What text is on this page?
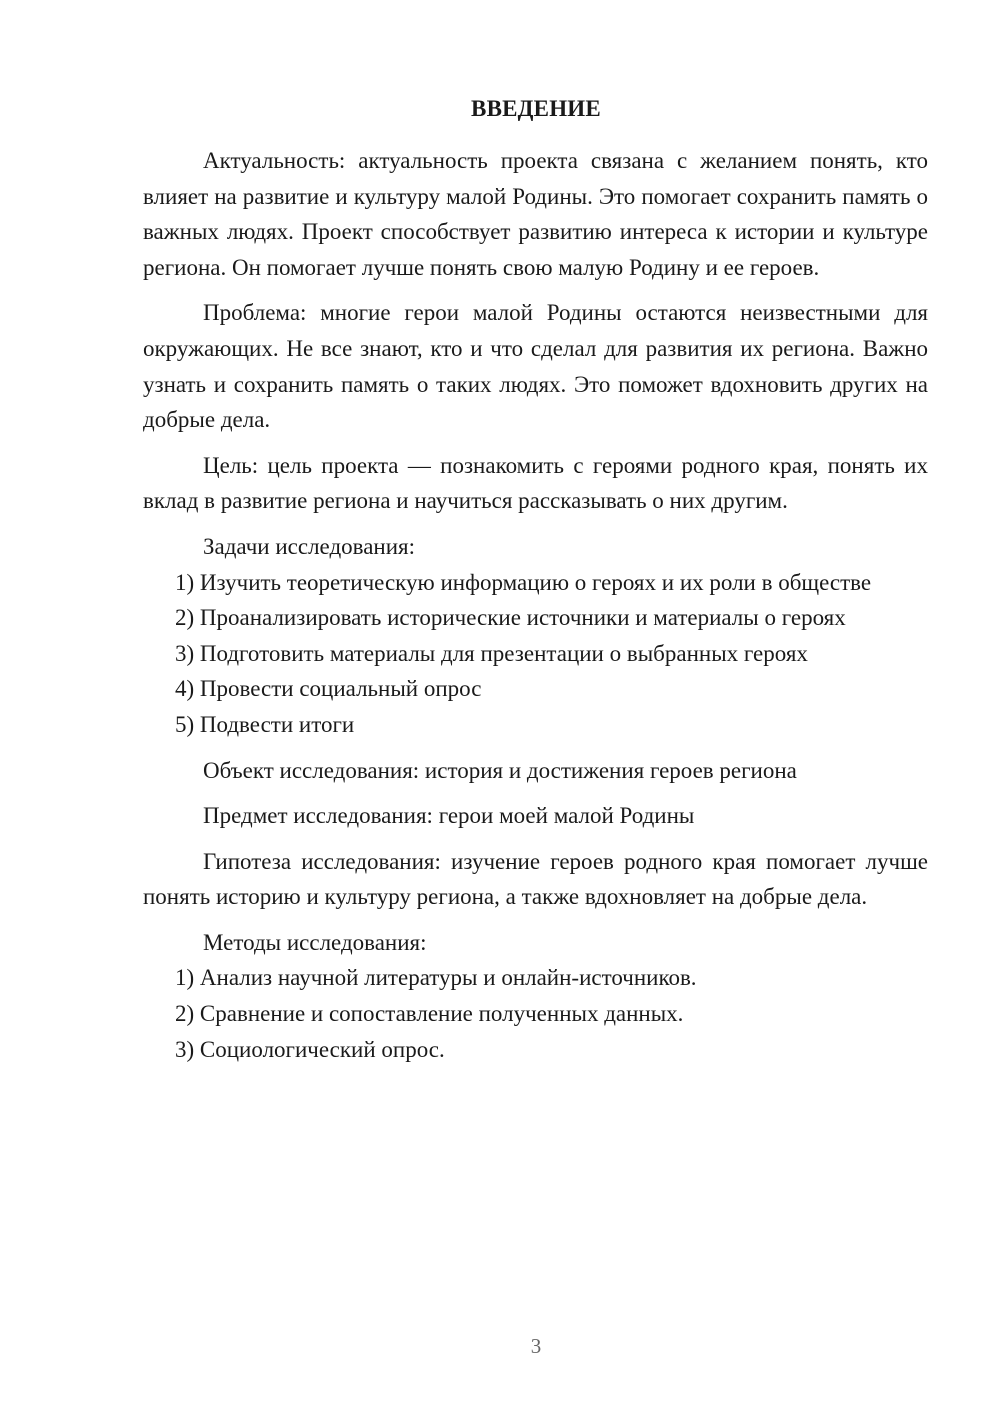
ВВЕДЕНИЕ

Актуальность: актуальность проекта связана с желанием понять, кто влияет на развитие и культуру малой Родины. Это помогает сохранить память о важных людях. Проект способствует развитию интереса к истории и культуре региона. Он помогает лучше понять свою малую Родину и ее героев.

Проблема: многие герои малой Родины остаются неизвестными для окружающих. Не все знают, кто и что сделал для развития их региона. Важно узнать и сохранить память о таких людях. Это поможет вдохновить других на добрые дела.

Цель: цель проекта — познакомить с героями родного края, понять их вклад в развитие региона и научиться рассказывать о них другим.

Задачи исследования:

1) Изучить теоретическую информацию о героях и их роли в обществе

2) Проанализировать исторические источники и материалы о героях

3) Подготовить материалы для презентации о выбранных героях

4) Провести социальный опрос

5) Подвести итоги

Объект исследования: история и достижения героев региона

Предмет исследования: герои моей малой Родины

Гипотеза исследования: изучение героев родного края помогает лучше понять историю и культуру региона, а также вдохновляет на добрые дела.

Методы исследования:

1) Анализ научной литературы и онлайн-источников.

2) Сравнение и сопоставление полученных данных.

3) Социологический опрос.

3
